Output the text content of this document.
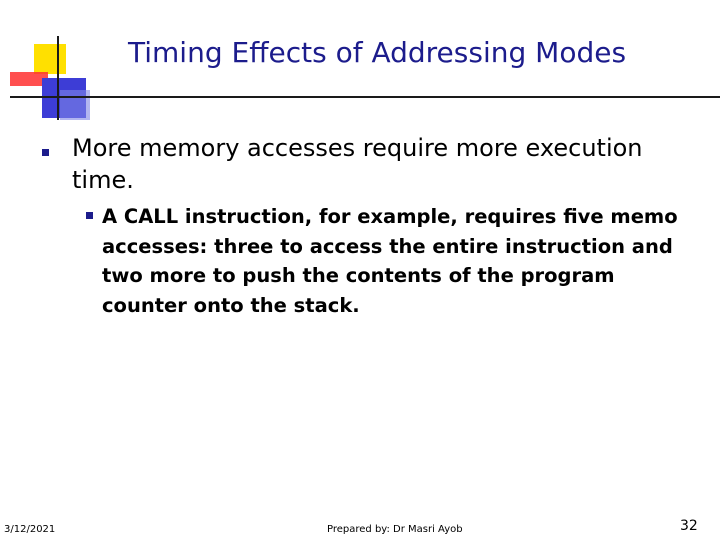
Timing Effects of Addressing Modes
More memory accesses require more execution time.
A CALL instruction, for example, requires five memo
accesses: three to access the entire instruction and
two more to push the contents of the program
counter onto the stack.
3/12/2021	Prepared by: Dr Masri Ayob	32
